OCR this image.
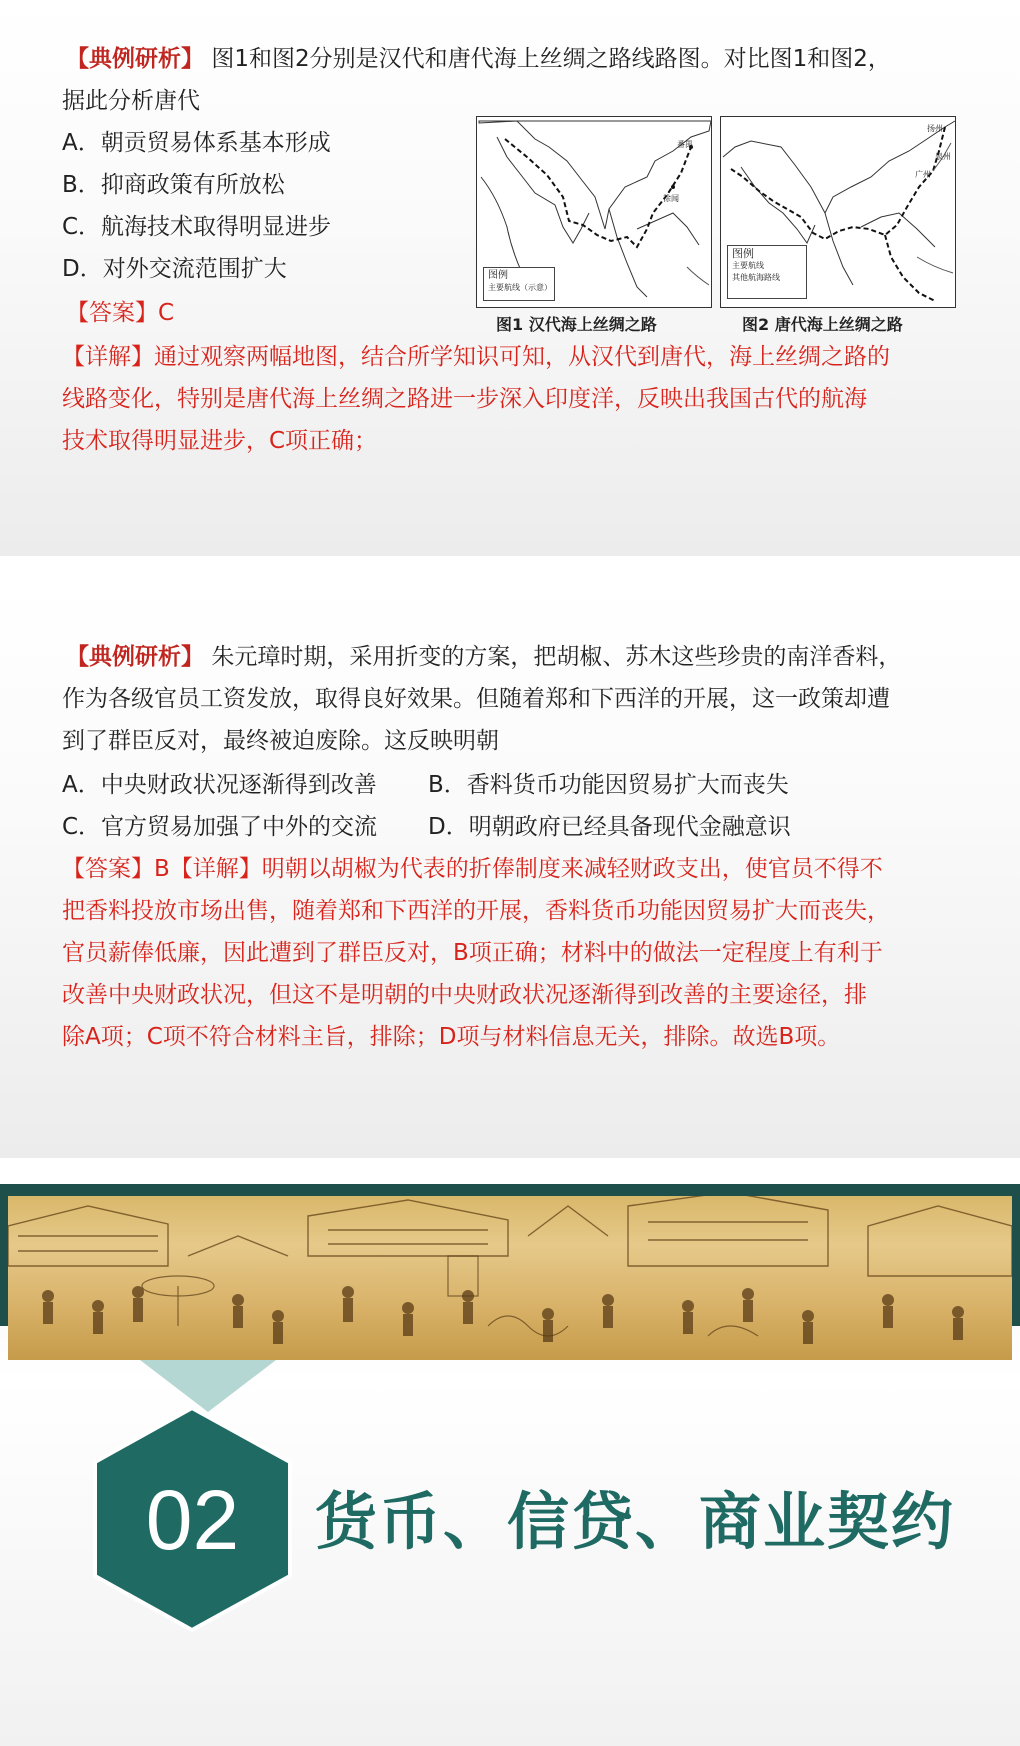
【典例研析】 图1和图2分别是汉代和唐代海上丝绸之路线路图。对比图1和图2，
据此分析唐代
A．朝贡贸易体系基本形成
B．抑商政策有所放松
C．航海技术取得明显进步
D．对外交流范围扩大
【答案】C
番禺
徐闻
图例
主要航线（示意）
扬州
泉州
广州
图例
主要航线
其他航海路线
图1 汉代海上丝绸之路	图2 唐代海上丝绸之路
【详解】通过观察两幅地图，结合所学知识可知，从汉代到唐代，海上丝绸之路的
线路变化，特别是唐代海上丝绸之路进一步深入印度洋，反映出我国古代的航海
技术取得明显进步，C项正确；
【典例研析】 朱元璋时期，采用折变的方案，把胡椒、苏木这些珍贵的南洋香料，
作为各级官员工资发放，取得良好效果。但随着郑和下西洋的开展，这一政策却遭
到了群臣反对，最终被迫废除。这反映明朝
A．中央财政状况逐渐得到改善 B．香料货币功能因贸易扩大而丧失
C．官方贸易加强了中外的交流 D．明朝政府已经具备现代金融意识
【答案】B【详解】明朝以胡椒为代表的折俸制度来减轻财政支出，使官员不得不
把香料投放市场出售，随着郑和下西洋的开展，香料货币功能因贸易扩大而丧失，
官员薪俸低廉，因此遭到了群臣反对，B项正确；材料中的做法一定程度上有利于
改善中央财政状况，但这不是明朝的中央财政状况逐渐得到改善的主要途径，排
除A项；C项不符合材料主旨，排除；D项与材料信息无关，排除。故选B项。
02	货币、信贷、商业契约
